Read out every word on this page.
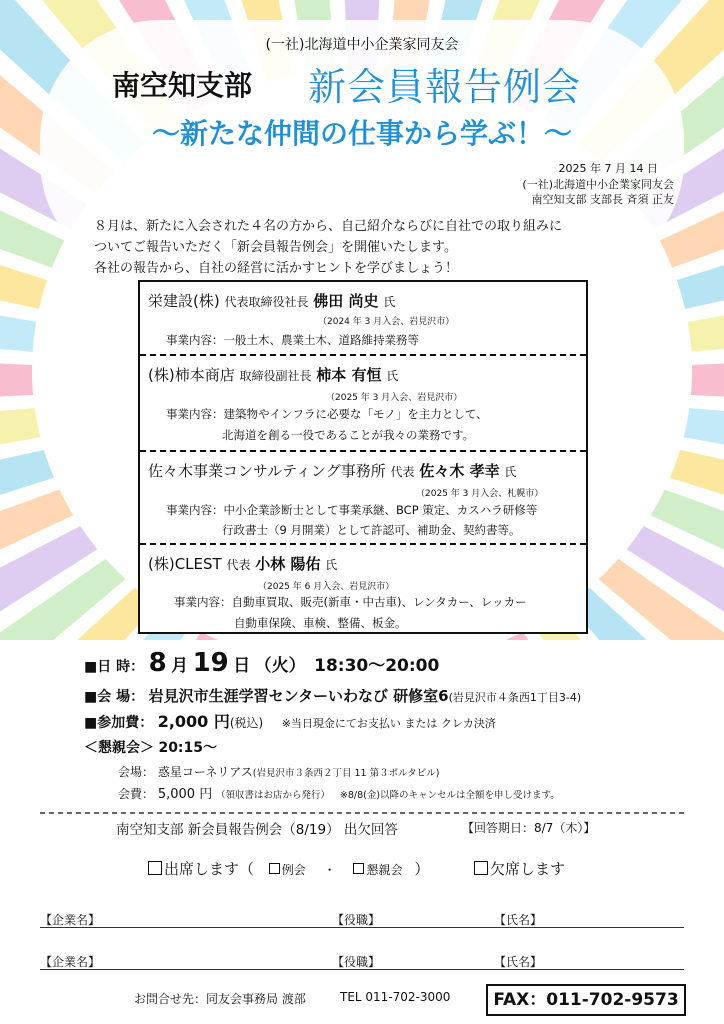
(一社)北海道中小企業家同友会
南空知支部 新会員報告例会
～新たな仲間の仕事から学ぶ！～
2025 年 7 月 14 日
(一社)北海道中小企業家同友会
南空知支部 支部長 斉須 正友
８月は、新たに入会された４名の方から、自己紹介ならびに自社での取り組みに
ついてご報告いただく「新会員報告例会」を開催いたします。
各社の報告から、自社の経営に活かすヒントを学びましょう！
栄建設(株) 代表取締役社長 佛田 尚史 氏
（2024 年 3 月入会、岩見沢市）
事業内容：一般土木、農業土木、道路維持業務等
(株)柿本商店 取締役副社長 柿本 有恒 氏
（2025 年 3 月入会、岩見沢市）
事業内容：建築物やインフラに必要な「モノ」を主力として、
北海道を創る一役であることが我々の業務です。
佐々木事業コンサルティング事務所 代表 佐々木 孝幸 氏
（2025 年 3 月入会、札幌市）
事業内容：中小企業診断士として事業承継、BCP 策定、カスハラ研修等
行政書士（9 月開業）として許認可、補助金、契約書等。
(株)CLEST 代表 小林 陽佑 氏
（2025 年 6 月入会、岩見沢市）
事業内容：自動車買取、販売(新車・中古車)、レンタカー、レッカー
自動車保険、車検、整備、板金。
■日 時： 8 月 19 日 （火） 18:30～20:00
■会 場： 岩見沢市生涯学習センターいわなび 研修室6(岩見沢市４条西1丁目3-4)
■参加費： 2,000 円(税込) ※当日現金にてお支払い または クレカ決済
＜懇親会＞ 20:15～
会場： 惑星コーネリアス(岩見沢市３条西２丁目 11 第３ポルタビル)
会費： 5,000 円 （領収書はお店から発行） ※8/8(金)以降のキャンセルは全額を申し受けます。
南空知支部 新会員報告例会（8/19） 出欠回答	【回答期日：8/7（木）】
出席します（ 例会 ・	懇親会 ）	欠席します
【企業名】	【役職】	【氏名】
【企業名】	【役職】	【氏名】
お問合せ先：同友会事務局 渡部	TEL 011-702-3000	FAX：011-702-9573
